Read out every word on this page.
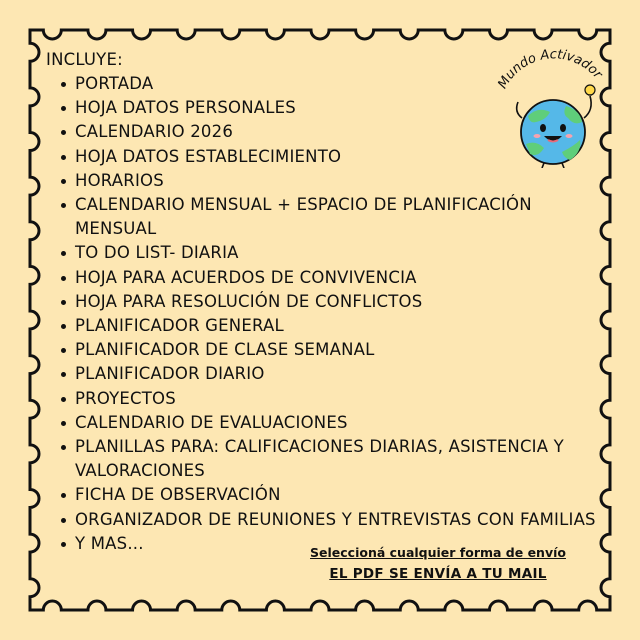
INCLUYE:
PORTADA
HOJA DATOS PERSONALES
CALENDARIO 2026
HOJA DATOS ESTABLECIMIENTO
HORARIOS
CALENDARIO MENSUAL + ESPACIO DE PLANIFICACIÓN MENSUAL
TO DO LIST- DIARIA
HOJA PARA ACUERDOS DE CONVIVENCIA
HOJA PARA RESOLUCIÓN DE CONFLICTOS
PLANIFICADOR GENERAL
PLANIFICADOR DE CLASE SEMANAL
PLANIFICADOR DIARIO
PROYECTOS
CALENDARIO DE EVALUACIONES
PLANILLAS PARA: CALIFICACIONES DIARIAS, ASISTENCIA Y VALORACIONES
FICHA DE OBSERVACIÓN
ORGANIZADOR DE REUNIONES Y ENTREVISTAS CON FAMILIAS
Y MAS...	Seleccioná cualquier forma de envío
EL PDF SE ENVÍA A TU MAIL
Mundo Activador
